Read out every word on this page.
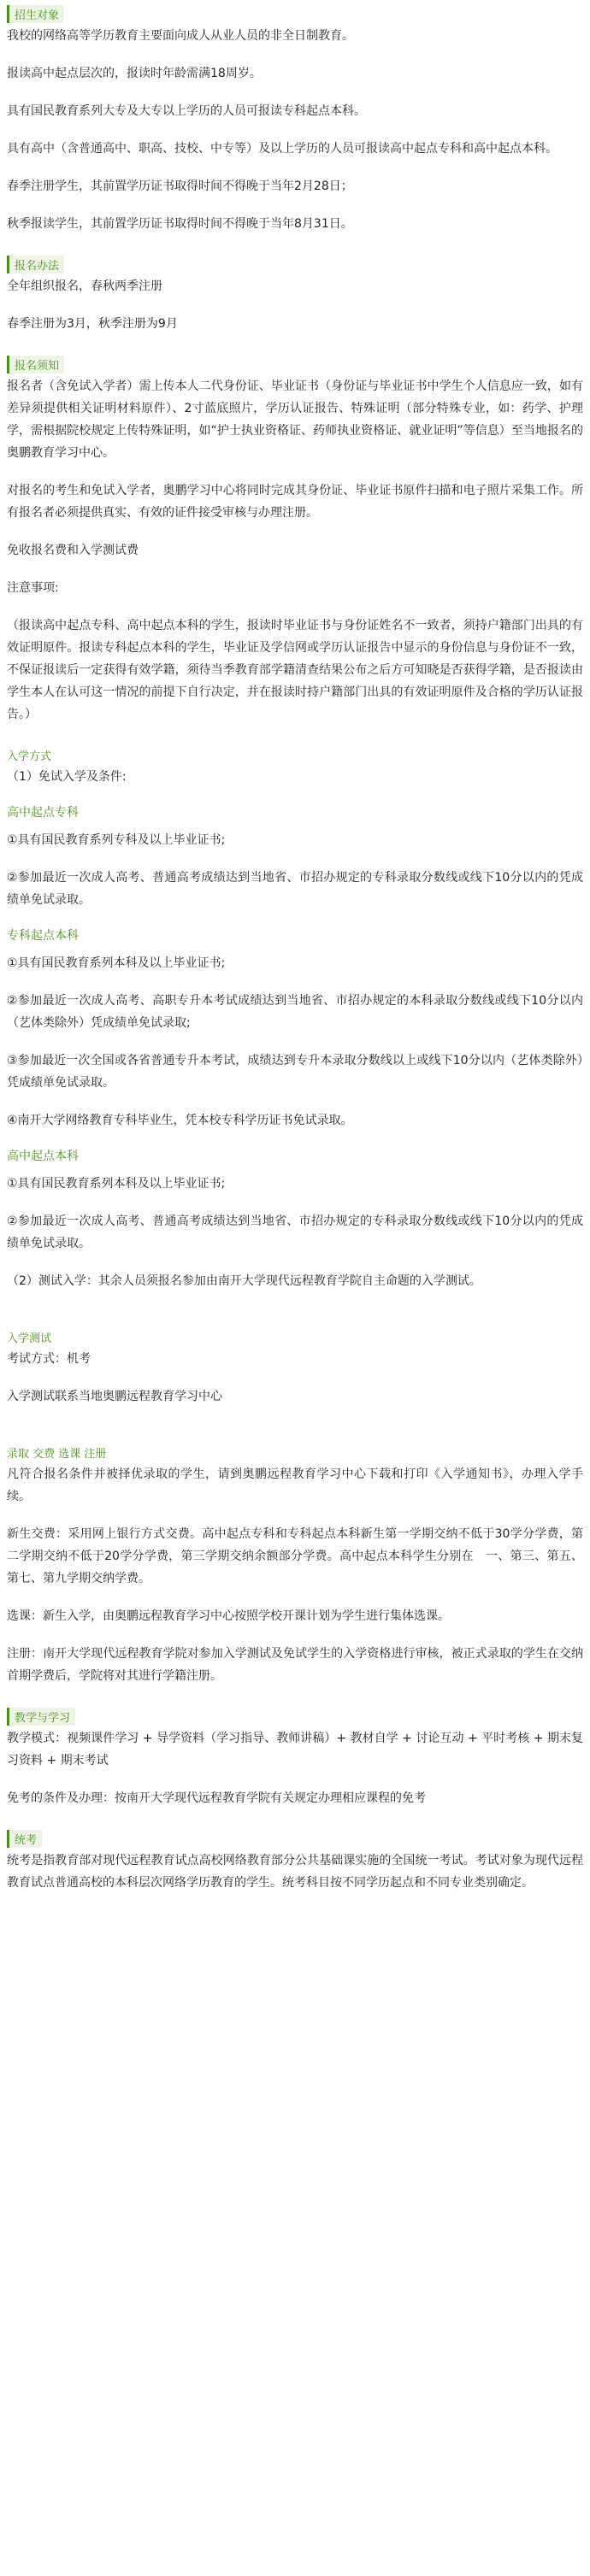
招生对象

我校的网络高等学历教育主要面向成人从业人员的非全日制教育。

报读高中起点层次的，报读时年龄需满18周岁。

具有国民教育系列大专及大专以上学历的人员可报读专科起点本科。

具有高中（含普通高中、职高、技校、中专等）及以上学历的人员可报读高中起点专科和高中起点本科。

春季注册学生，其前置学历证书取得时间不得晚于当年2月28日；

秋季报读学生，其前置学历证书取得时间不得晚于当年8月31日。

报名办法

全年组织报名，春秋两季注册

春季注册为3月，秋季注册为9月

报名须知

报名者（含免试入学者）需上传本人二代身份证、毕业证书（身份证与毕业证书中学生个人信息应一致，如有差异须提供相关证明材料原件）、2寸蓝底照片，学历认证报告、特殊证明（部分特殊专业，如：药学、护理学，需根据院校规定上传特殊证明，如“护士执业资格证、药师执业资格证、就业证明”等信息）至当地报名的奥鹏教育学习中心。

对报名的考生和免试入学者，奥鹏学习中心将同时完成其身份证、毕业证书原件扫描和电子照片采集工作。所有报名者必须提供真实、有效的证件接受审核与办理注册。

免收报名费和入学测试费

注意事项:

（报读高中起点专科、高中起点本科的学生，报读时毕业证书与身份证姓名不一致者，须持户籍部门出具的有效证明原件。报读专科起点本科的学生，毕业证及学信网或学历认证报告中显示的身份信息与身份证不一致，不保证报读后一定获得有效学籍，须待当季教育部学籍清查结果公布之后方可知晓是否获得学籍，是否报读由学生本人在认可这一情况的前提下自行决定，并在报读时持户籍部门出具的有效证明原件及合格的学历认证报告。）

入学方式

（1）免试入学及条件:

高中起点专科

①具有国民教育系列专科及以上毕业证书;

②参加最近一次成人高考、普通高考成绩达到当地省、市招办规定的专科录取分数线或线下10分以内的凭成绩单免试录取。

专科起点本科

①具有国民教育系列本科及以上毕业证书;

②参加最近一次成人高考、高职专升本考试成绩达到当地省、市招办规定的本科录取分数线或线下10分以内（艺体类除外）凭成绩单免试录取;

③参加最近一次全国或各省普通专升本考试，成绩达到专升本录取分数线以上或线下10分以内（艺体类除外）凭成绩单免试录取。

④南开大学网络教育专科毕业生，凭本校专科学历证书免试录取。

高中起点本科

①具有国民教育系列本科及以上毕业证书;

②参加最近一次成人高考、普通高考成绩达到当地省、市招办规定的专科录取分数线或线下10分以内的凭成绩单免试录取。

（2）测试入学：其余人员须报名参加由南开大学现代远程教育学院自主命题的入学测试。

入学测试

考试方式：机考

入学测试联系当地奥鹏远程教育学习中心

录取 交费 选课 注册

凡符合报名条件并被择优录取的学生，请到奥鹏远程教育学习中心下载和打印《入学通知书》，办理入学手续。

新生交费：采用网上银行方式交费。高中起点专科和专科起点本科新生第一学期交纳不低于30学分学费，第二学期交纳不低于20学分学费，第三学期交纳余额部分学费。高中起点本科学生分别在　一、第三、第五、第七、第九学期交纳学费。

选课：新生入学，由奥鹏远程教育学习中心按照学校开课计划为学生进行集体选课。

注册：南开大学现代远程教育学院对参加入学测试及免试学生的入学资格进行审核，被正式录取的学生在交纳首期学费后，学院将对其进行学籍注册。

教学与学习

教学模式：视频课件学习 + 导学资料（学习指导、教师讲稿）+ 教材自学 + 讨论互动 + 平时考核 + 期末复习资料 + 期末考试

免考的条件及办理：按南开大学现代远程教育学院有关规定办理相应课程的免考

统考

统考是指教育部对现代远程教育试点高校网络教育部分公共基础课实施的全国统一考试。考试对象为现代远程教育试点普通高校的本科层次网络学历教育的学生。统考科目按不同学历起点和不同专业类别确定。
